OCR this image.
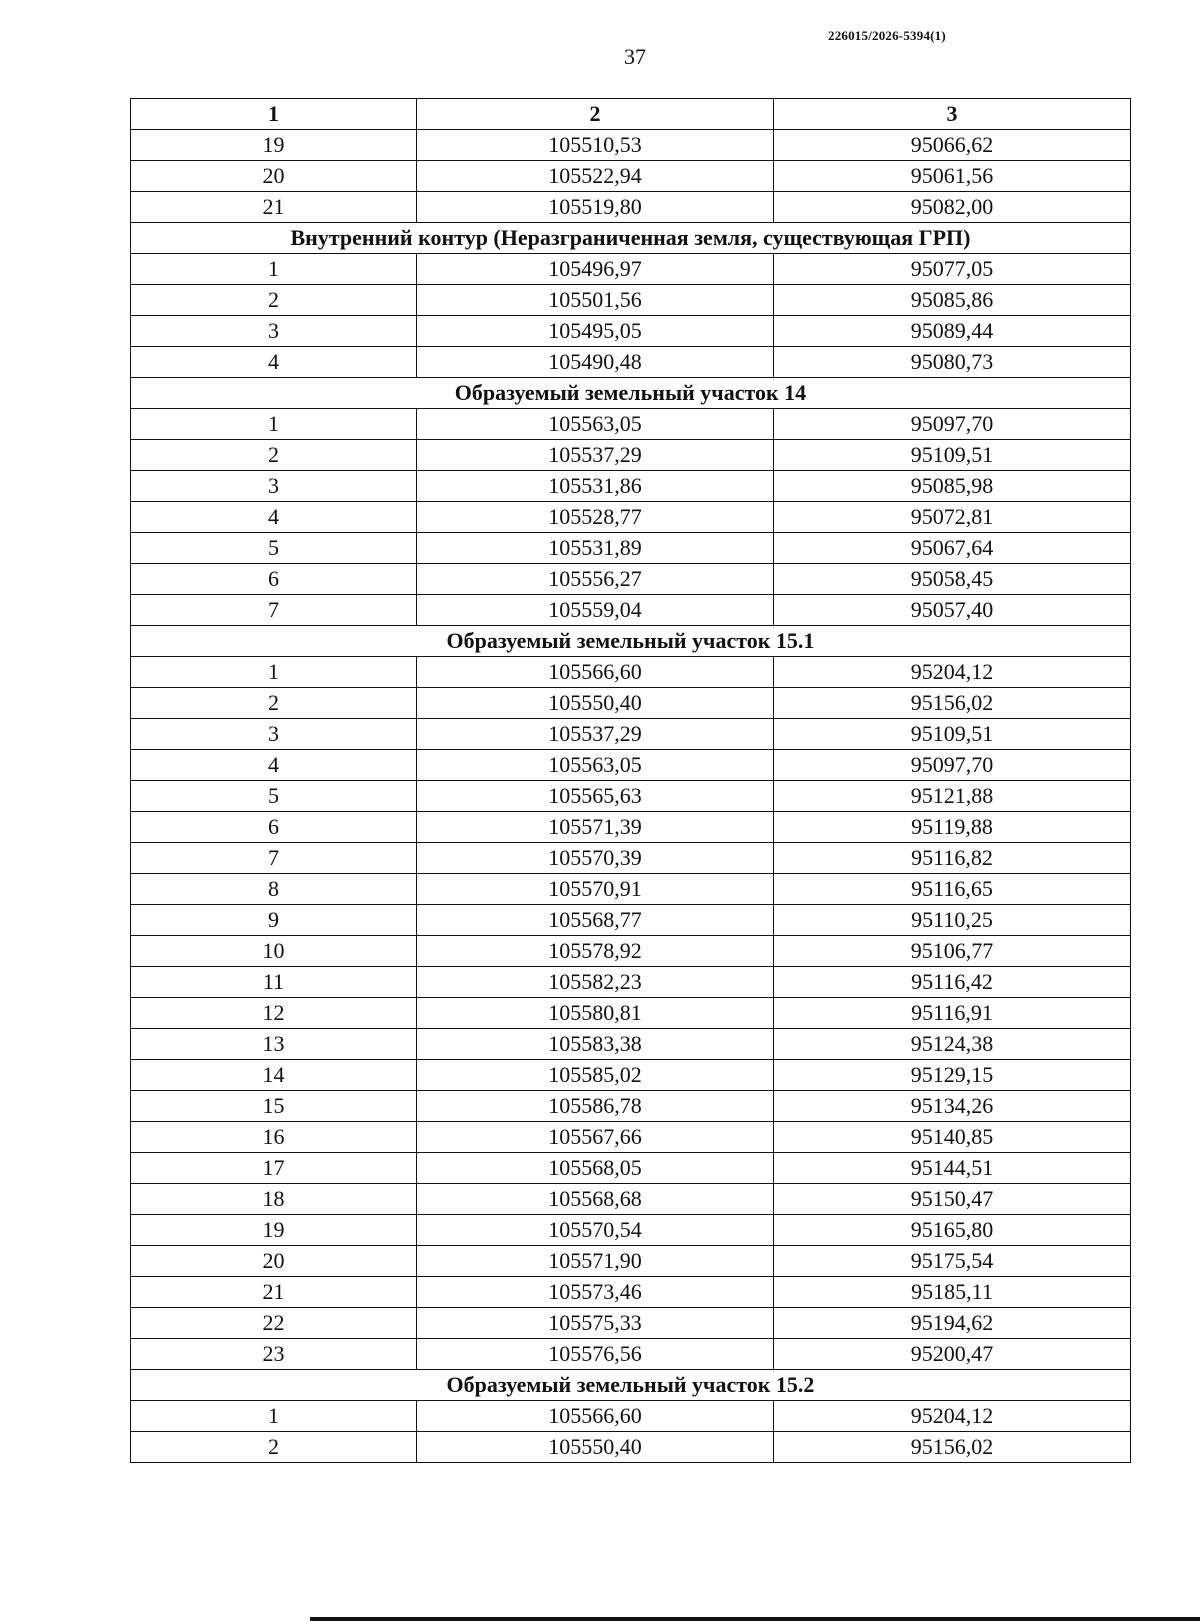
226015/2026-5394(1)
37
1	2	3
19	105510,53	95066,62
20	105522,94	95061,56
21	105519,80	95082,00
Внутренний контур (Неразграниченная земля, существующая ГРП)		
1	105496,97	95077,05
2	105501,56	95085,86
3	105495,05	95089,44
4	105490,48	95080,73
Образуемый земельный участок 14		
1	105563,05	95097,70
2	105537,29	95109,51
3	105531,86	95085,98
4	105528,77	95072,81
5	105531,89	95067,64
6	105556,27	95058,45
7	105559,04	95057,40
Образуемый земельный участок 15.1		
1	105566,60	95204,12
2	105550,40	95156,02
3	105537,29	95109,51
4	105563,05	95097,70
5	105565,63	95121,88
6	105571,39	95119,88
7	105570,39	95116,82
8	105570,91	95116,65
9	105568,77	95110,25
10	105578,92	95106,77
11	105582,23	95116,42
12	105580,81	95116,91
13	105583,38	95124,38
14	105585,02	95129,15
15	105586,78	95134,26
16	105567,66	95140,85
17	105568,05	95144,51
18	105568,68	95150,47
19	105570,54	95165,80
20	105571,90	95175,54
21	105573,46	95185,11
22	105575,33	95194,62
23	105576,56	95200,47
Образуемый земельный участок 15.2		
1	105566,60	95204,12
2	105550,40	95156,02
